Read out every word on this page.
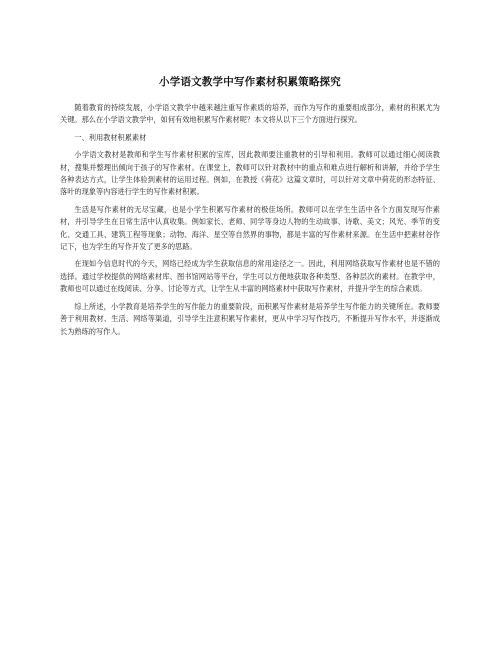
小学语文教学中写作素材积累策略探究

随着教育的持续发展，小学语文教学中越来越注重写作素质的培养，而作为写作的重要组成部分，素材的积累尤为关键。那么在小学语文教学中，如何有效地积累写作素材呢？本文将从以下三个方面进行探究。

一、利用教材积累素材

小学语文教材是教师和学生写作素材积累的宝库，因此教师要注重教材的引导和利用。教师可以通过细心阅读教材，搜集并整理出倾向于孩子的写作素材。在课堂上，教师可以针对教材中的重点和难点进行解析和讲解，并给予学生各种表达方式，让学生体验到素材的运用过程。例如，在教授《荷花》这篇文章时，可以针对文章中荷花的形态特征、落叶的现象等内容进行学生的写作素材积累。

生活是写作素材的无尽宝藏，也是小学生积累写作素材的极佳场所。教师可以在学生生活中各个方面发现写作素材，并引导学生在日常生活中认真收集。例如家长、老师、同学等身边人物的生动故事、诗歌、美文；风光、季节的变化、交通工具、建筑工程等现象；动物、海洋、星空等自然界的事物，都是丰富的写作素材来源。在生活中把素材谷作记下，也为学生的写作开发了更多的思路。

在现如今信息时代的今天，网络已经成为学生获取信息的常用途径之一。因此，利用网络获取写作素材也是不错的选择。通过学校提供的网络素材库、图书馆网站等平台，学生可以方便地获取各种类型、各种层次的素材。在教学中，教师也可以通过在线阅读、分享、讨论等方式，让学生从丰富的网络素材中获取写作素材，并提升学生的综合素质。

综上所述，小学教育是培养学生的写作能力的重要阶段，而积累写作素材是培养学生写作能力的关键所在。教师要善于利用教材、生活、网络等渠道，引导学生注意积累写作素材，更从中学习写作技巧，不断提升写作水平，并逐渐成长为熟练的写作人。
